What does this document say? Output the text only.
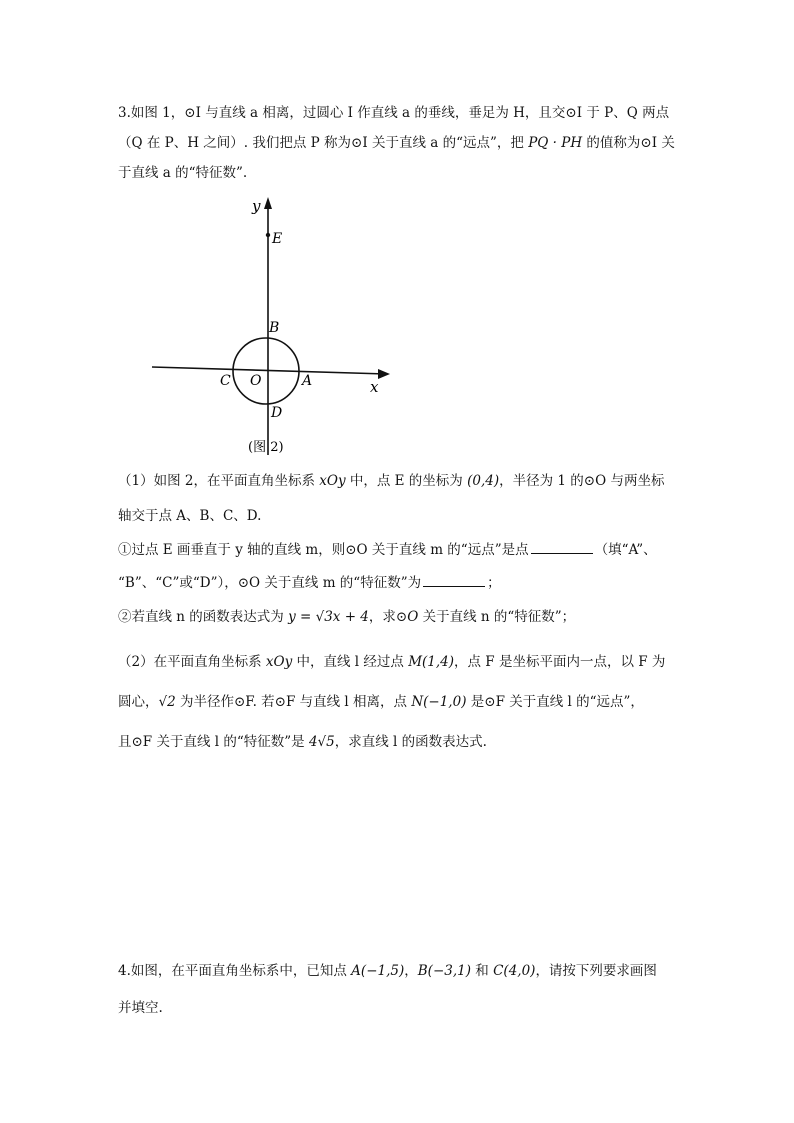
3.如图 1，⊙I 与直线 a 相离，过圆心 I 作直线 a 的垂线，垂足为 H，且交⊙I 于 P、Q 两点
（Q 在 P、H 之间）. 我们把点 P 称为⊙I 关于直线 a 的“远点”，把 PQ · PH 的值称为⊙I 关
于直线 a 的“特征数”.
y
E
B
C O	A
D
x
(图 2)
（1）如图 2，在平面直角坐标系 xOy 中，点 E 的坐标为 (0,4)，半径为 1 的⊙O 与两坐标
轴交于点 A、B、C、D.
①过点 E 画垂直于 y 轴的直线 m，则⊙O 关于直线 m 的“远点”是点	（填“A”、
“B”、“C”或“D”），⊙O 关于直线 m 的“特征数”为	；
②若直线 n 的函数表达式为 y = √3x + 4，求⊙O 关于直线 n 的“特征数”；
（2）在平面直角坐标系 xOy 中，直线 l 经过点 M(1,4)，点 F 是坐标平面内一点，以 F 为
圆心，√2 为半径作⊙F. 若⊙F 与直线 l 相离，点 N(−1,0) 是⊙F 关于直线 l 的“远点”，
且⊙F 关于直线 l 的“特征数”是 4√5，求直线 l 的函数表达式.
4.如图，在平面直角坐标系中，已知点 A(−1,5)，B(−3,1) 和 C(4,0)，请按下列要求画图
并填空.
